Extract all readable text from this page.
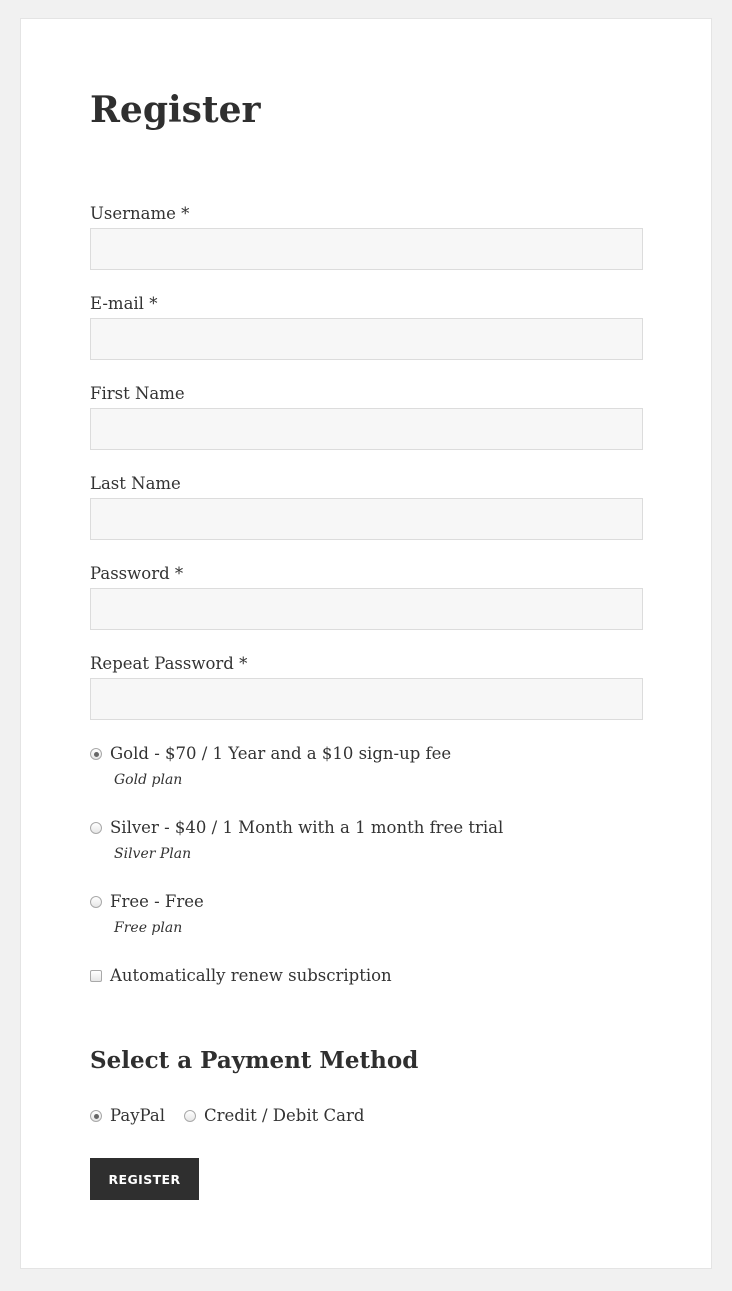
Register
Username *
E-mail *
First Name
Last Name
Password *
Repeat Password *
Gold - $70 / 1 Year and a $10 sign-up fee
Gold plan
Silver - $40 / 1 Month with a 1 month free trial
Silver Plan
Free - Free
Free plan
Automatically renew subscription
Select a Payment Method
PayPal Credit / Debit Card
REGISTER
